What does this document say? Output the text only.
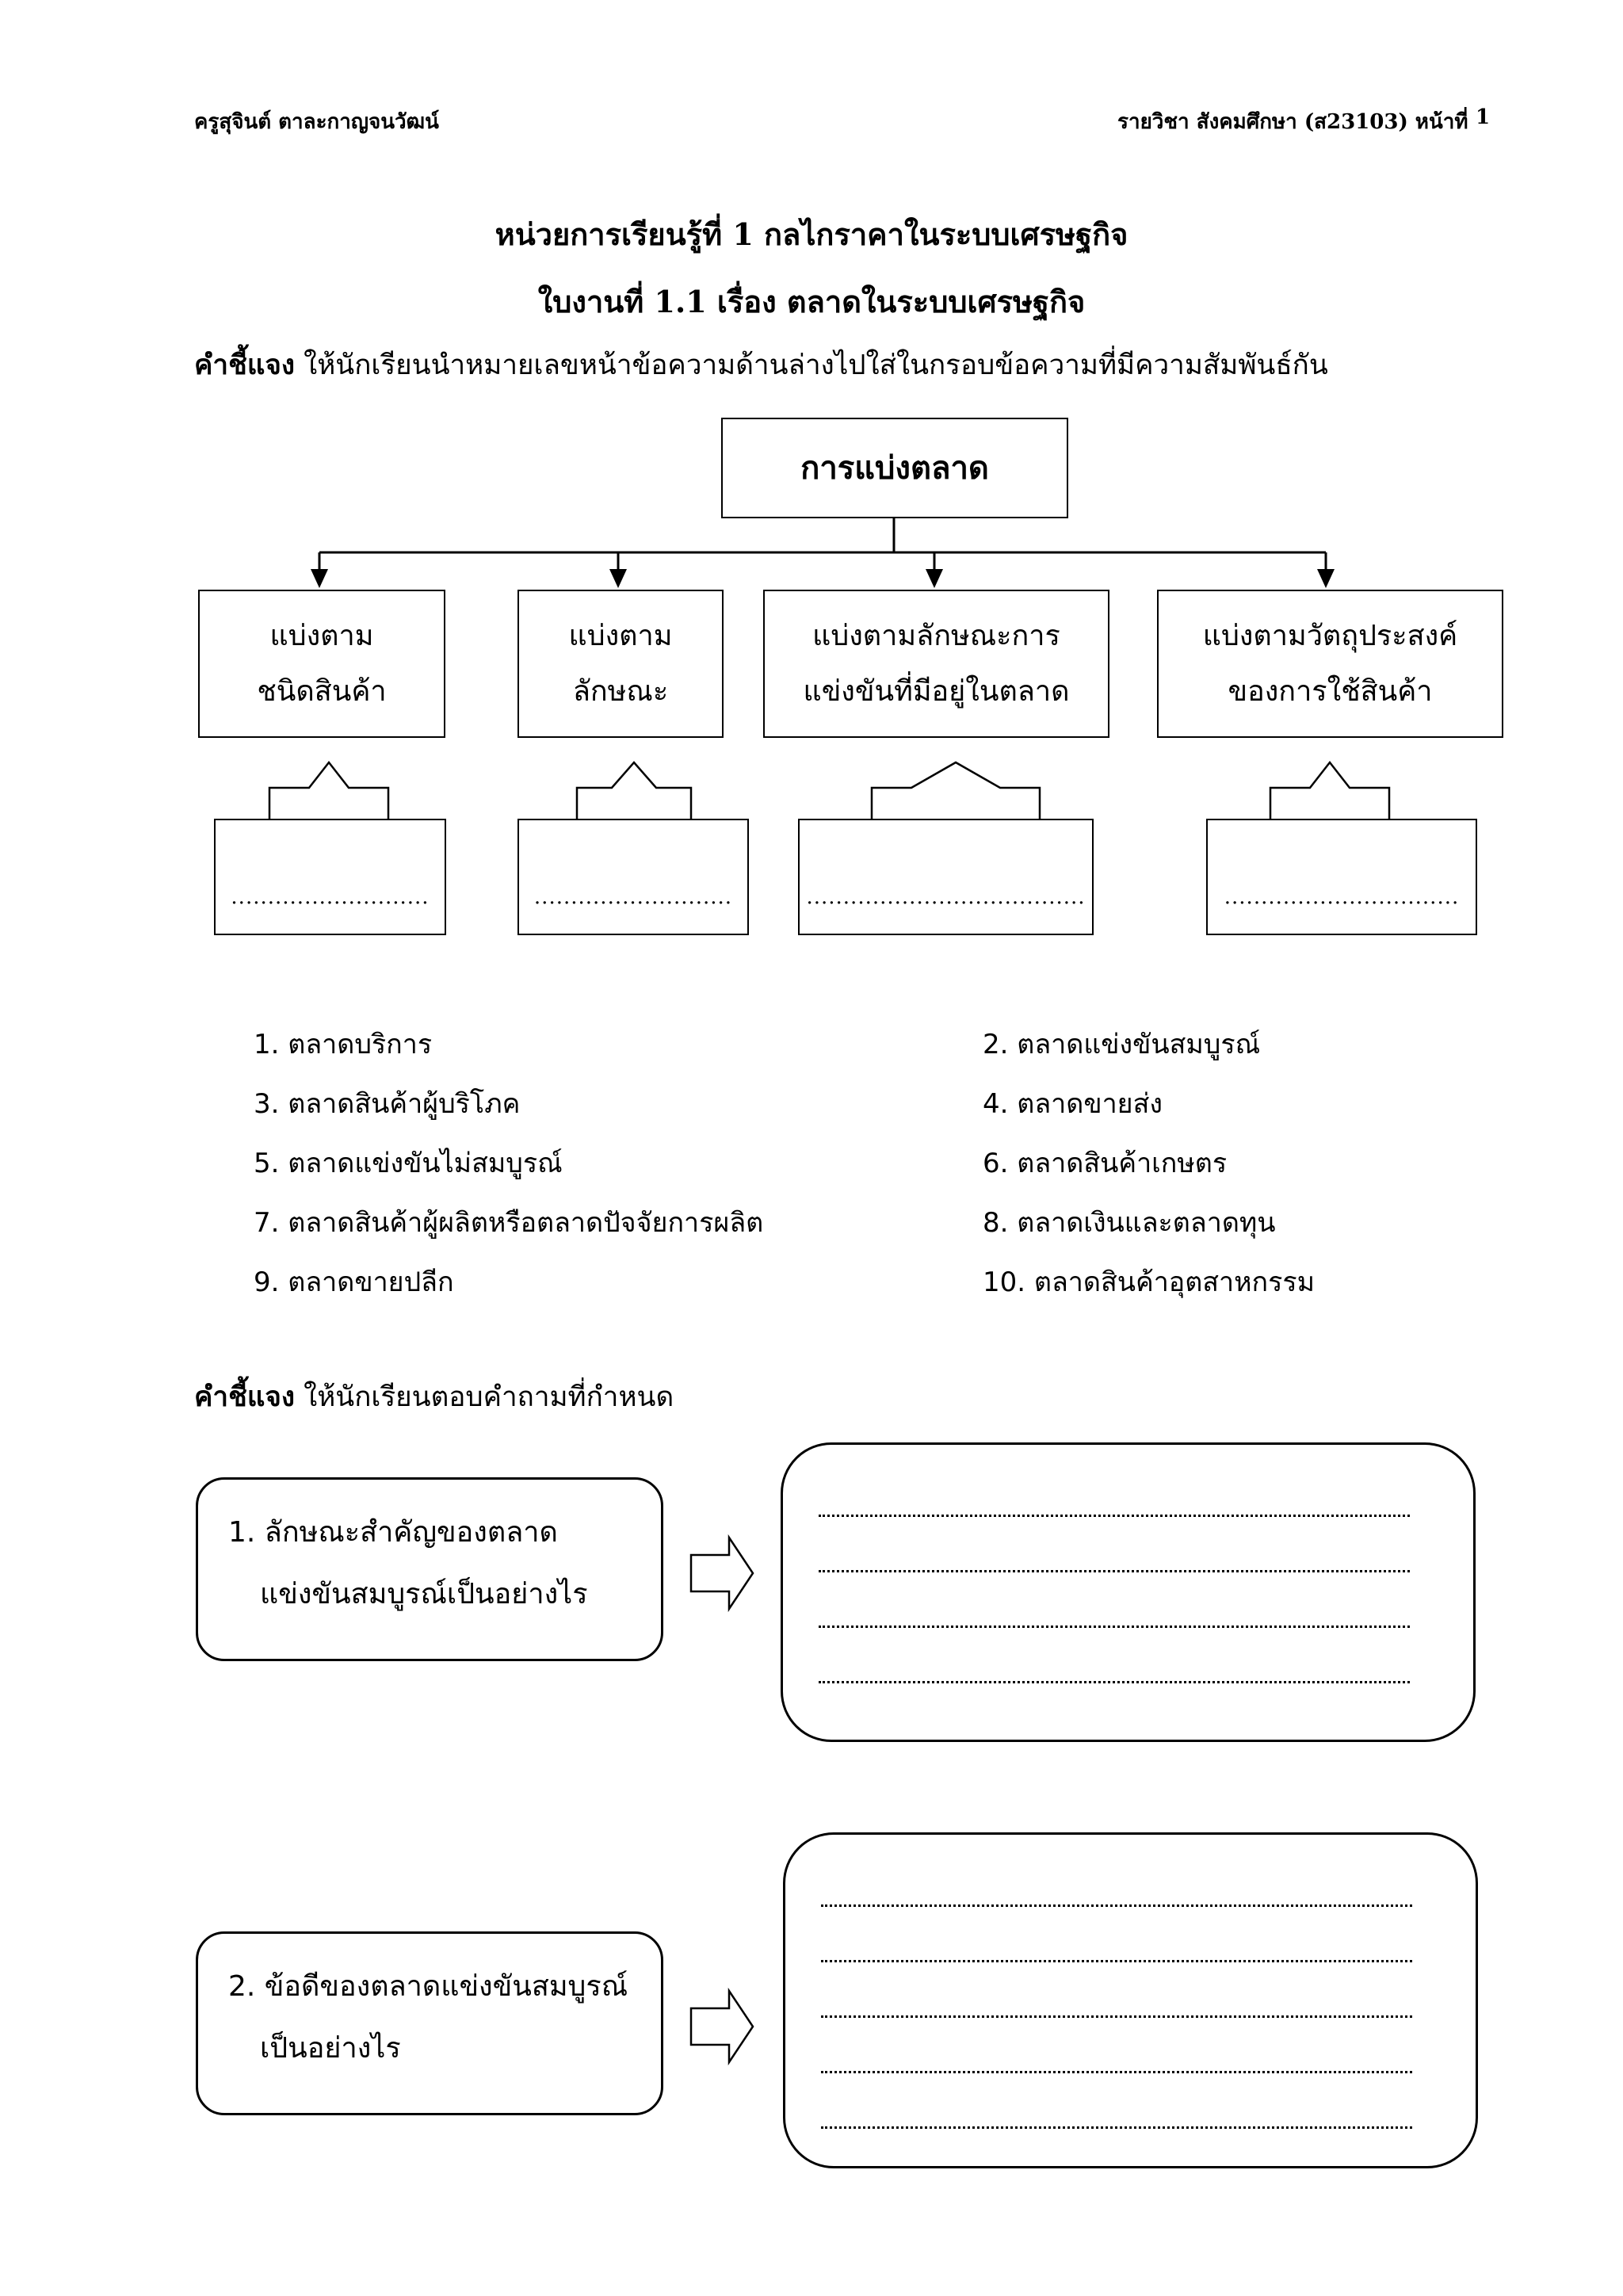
ครูสุจินต์ ตาละกาญจนวัฒน์	รายวิชา สังคมศึกษา (ส23103) หน้าที่ 1
หน่วยการเรียนรู้ที่ 1 กลไกราคาในระบบเศรษฐกิจ
ใบงานที่ 1.1 เรื่อง ตลาดในระบบเศรษฐกิจ
คำชี้แจง ให้นักเรียนนำหมายเลขหน้าข้อความด้านล่างไปใส่ในกรอบข้อความที่มีความสัมพันธ์กัน
การแบ่งตลาด
แบ่งตาม
ชนิดสินค้า
แบ่งตาม
ลักษณะ
แบ่งตามลักษณะการ
แข่งขันที่มีอยู่ในตลาด
แบ่งตามวัตถุประสงค์
ของการใช้สินค้า
...........................	...........................	......................................	................................
1. ตลาดบริการ	2. ตลาดแข่งขันสมบูรณ์
3. ตลาดสินค้าผู้บริโภค	4. ตลาดขายส่ง
5. ตลาดแข่งขันไม่สมบูรณ์	6. ตลาดสินค้าเกษตร
7. ตลาดสินค้าผู้ผลิตหรือตลาดปัจจัยการผลิต	8. ตลาดเงินและตลาดทุน
9. ตลาดขายปลีก	10. ตลาดสินค้าอุตสาหกรรม
คำชี้แจง ให้นักเรียนตอบคำถามที่กำหนด
1. ลักษณะสำคัญของตลาด
แข่งขันสมบูรณ์เป็นอย่างไร
2. ข้อดีของตลาดแข่งขันสมบูรณ์
เป็นอย่างไร
